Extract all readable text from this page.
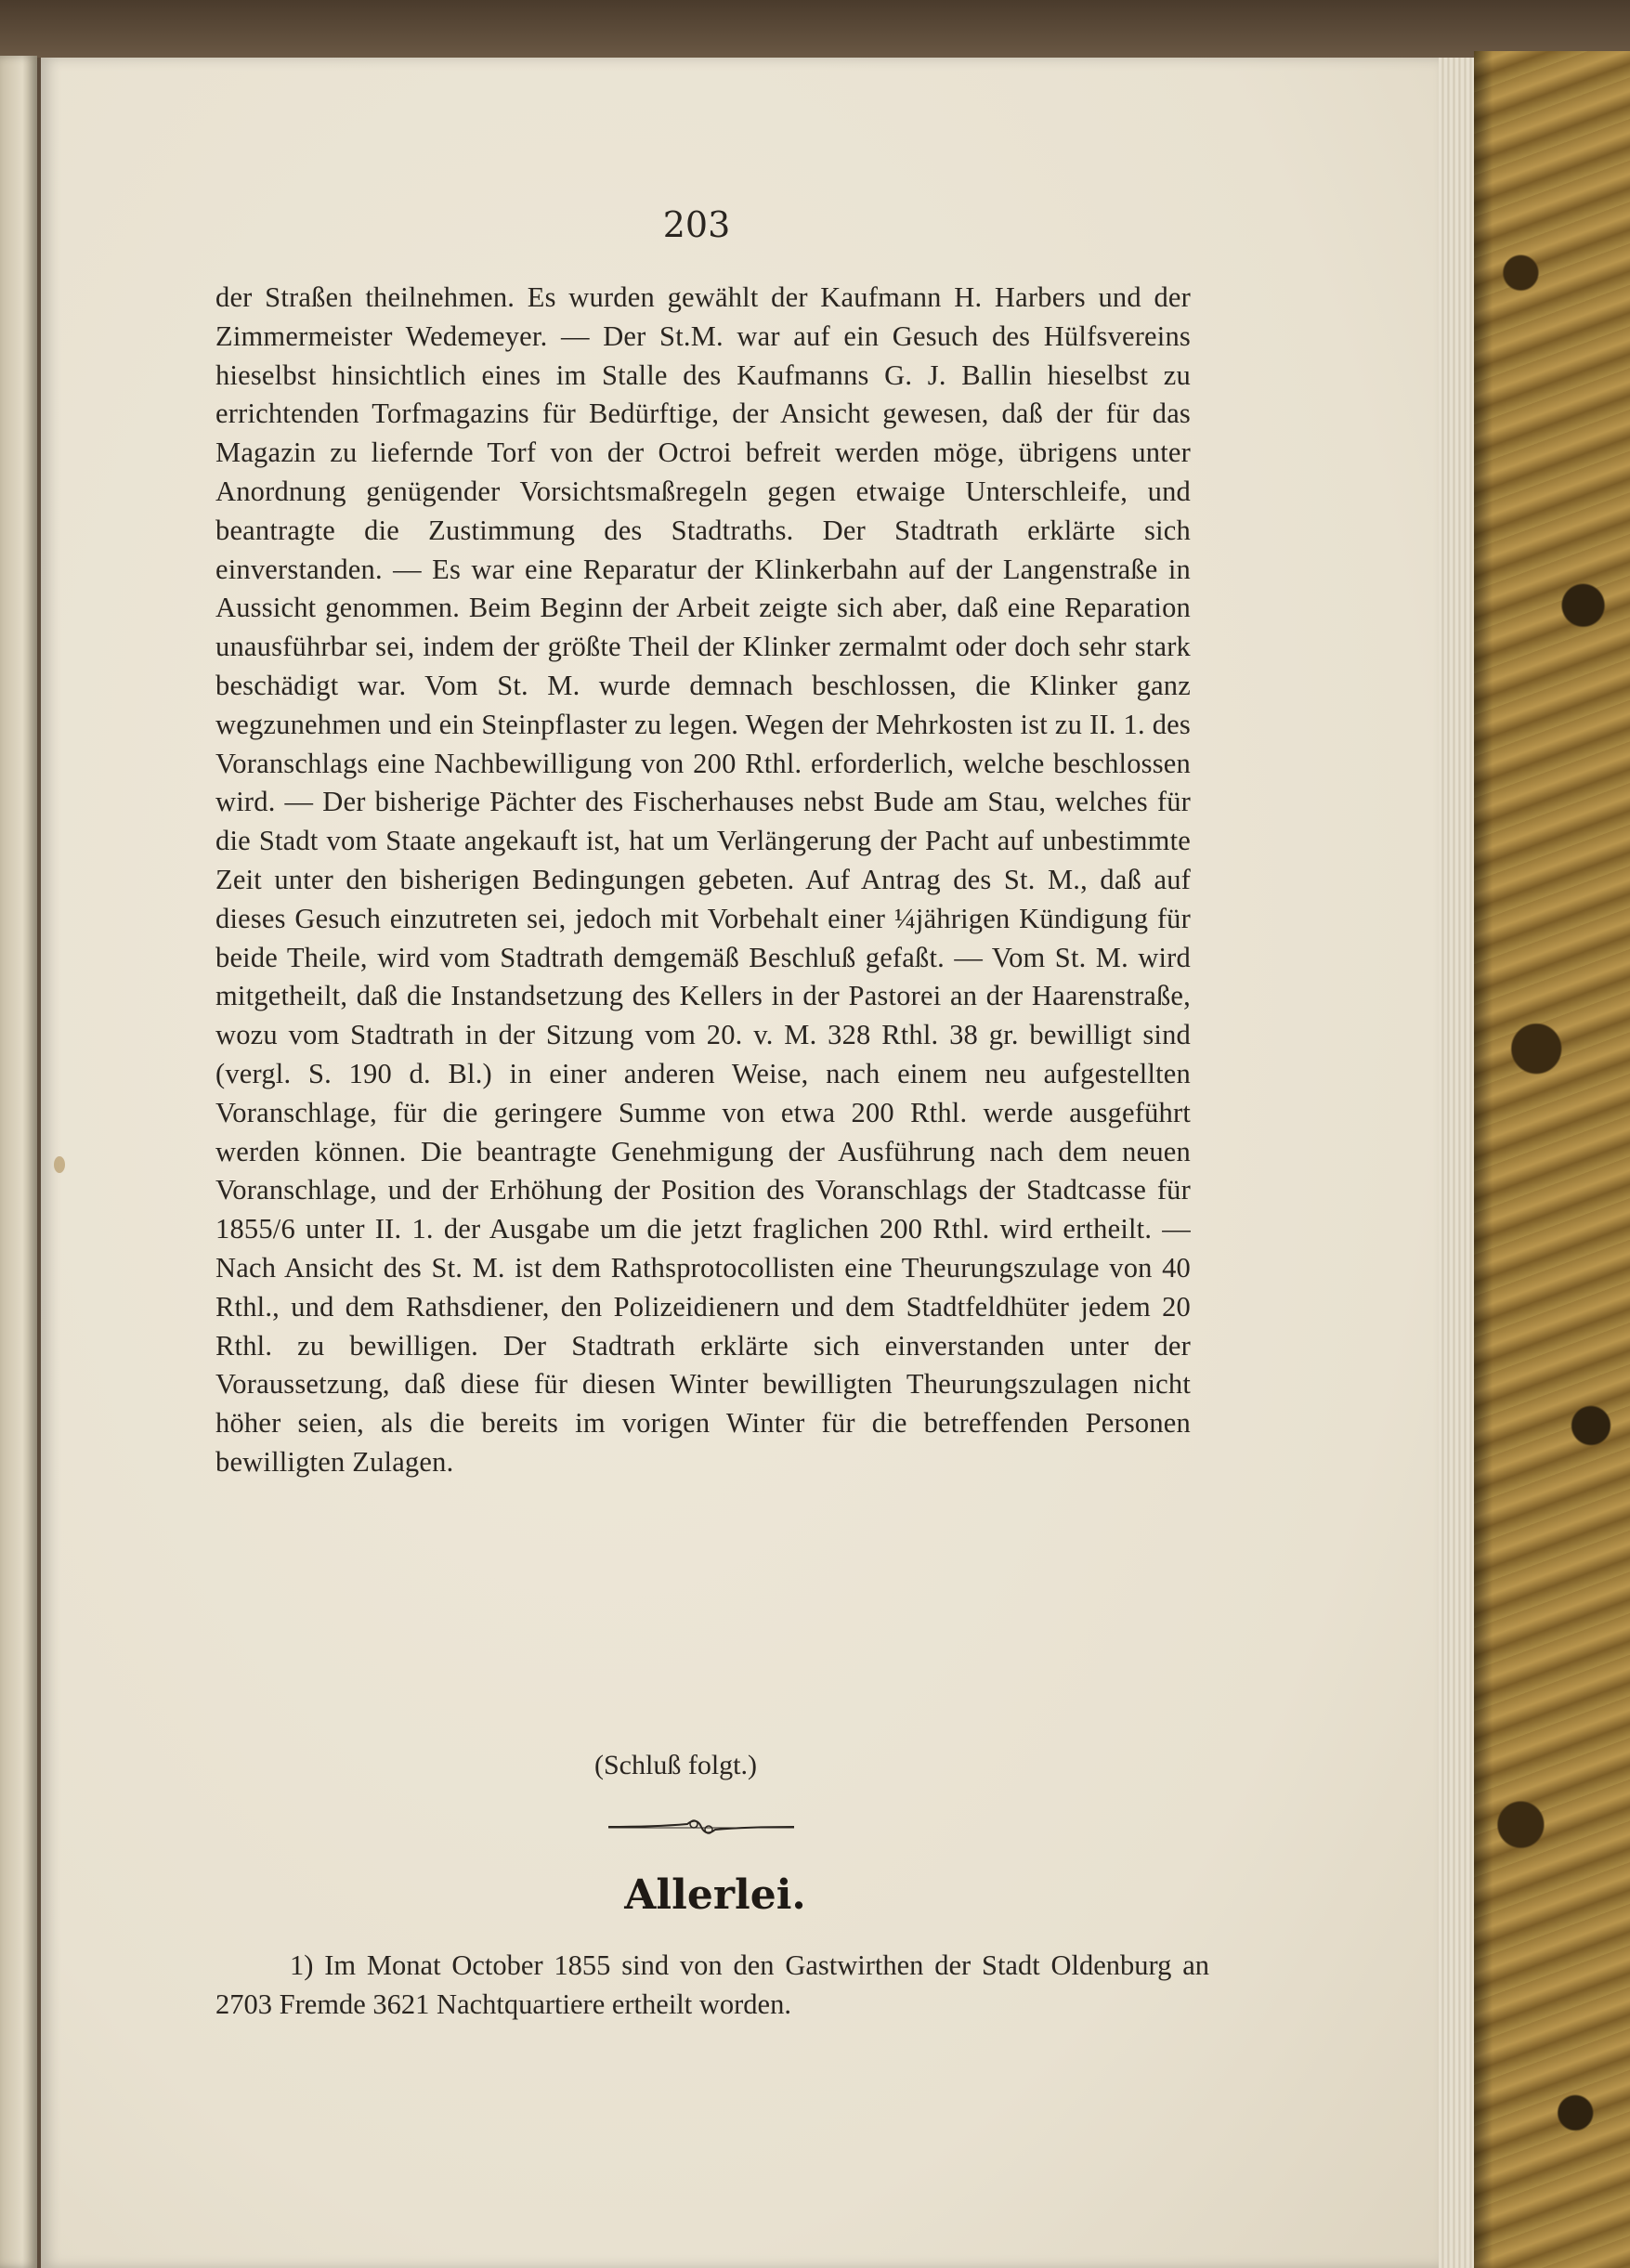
203

der Straßen theilnehmen. Es wurden gewählt der Kaufmann H. Harbers und der Zimmermeister Wedemeyer. — Der St.M. war auf ein Gesuch des Hülfsvereins hieselbst hinsichtlich eines im Stalle des Kaufmanns G. J. Ballin hieselbst zu errichtenden Torfmagazins für Bedürftige, der Ansicht gewesen, daß der für das Magazin zu liefernde Torf von der Octroi befreit werden möge, übrigens unter Anordnung genügender Vorsichtsmaßregeln gegen etwaige Unterschleife, und beantragte die Zustimmung des Stadtraths. Der Stadtrath erklärte sich einverstanden. — Es war eine Reparatur der Klinkerbahn auf der Langenstraße in Aussicht genommen. Beim Beginn der Arbeit zeigte sich aber, daß eine Reparation unausführbar sei, indem der größte Theil der Klinker zermalmt oder doch sehr stark beschädigt war. Vom St. M. wurde demnach beschlossen, die Klinker ganz wegzunehmen und ein Steinpflaster zu legen. Wegen der Mehrkosten ist zu II. 1. des Voranschlags eine Nachbewilligung von 200 Rthl. erforderlich, welche beschlossen wird. — Der bisherige Pächter des Fischerhauses nebst Bude am Stau, welches für die Stadt vom Staate angekauft ist, hat um Verlängerung der Pacht auf unbestimmte Zeit unter den bisherigen Bedingungen gebeten. Auf Antrag des St. M., daß auf dieses Gesuch einzutreten sei, jedoch mit Vorbehalt einer ¼jährigen Kündigung für beide Theile, wird vom Stadtrath demgemäß Beschluß gefaßt. — Vom St. M. wird mitgetheilt, daß die Instandsetzung des Kellers in der Pastorei an der Haarenstraße, wozu vom Stadtrath in der Sitzung vom 20. v. M. 328 Rthl. 38 gr. bewilligt sind (vergl. S. 190 d. Bl.) in einer anderen Weise, nach einem neu aufgestellten Voranschlage, für die geringere Summe von etwa 200 Rthl. werde ausgeführt werden können. Die beantragte Genehmigung der Ausführung nach dem neuen Voranschlage, und der Erhöhung der Position des Voranschlags der Stadtcasse für 1855/6 unter II. 1. der Ausgabe um die jetzt fraglichen 200 Rthl. wird ertheilt. — Nach Ansicht des St. M. ist dem Rathsprotocollisten eine Theurungszulage von 40 Rthl., und dem Rathsdiener, den Polizeidienern und dem Stadtfeldhüter jedem 20 Rthl. zu bewilligen. Der Stadtrath erklärte sich einverstanden unter der Voraussetzung, daß diese für diesen Winter bewilligten Theurungszulagen nicht höher seien, als die bereits im vorigen Winter für die betreffenden Personen bewilligten Zulagen.

(Schluß folgt.)
Allerlei.

1) Im Monat October 1855 sind von den Gastwirthen der Stadt Oldenburg an 2703 Fremde 3621 Nachtquartiere ertheilt worden.
